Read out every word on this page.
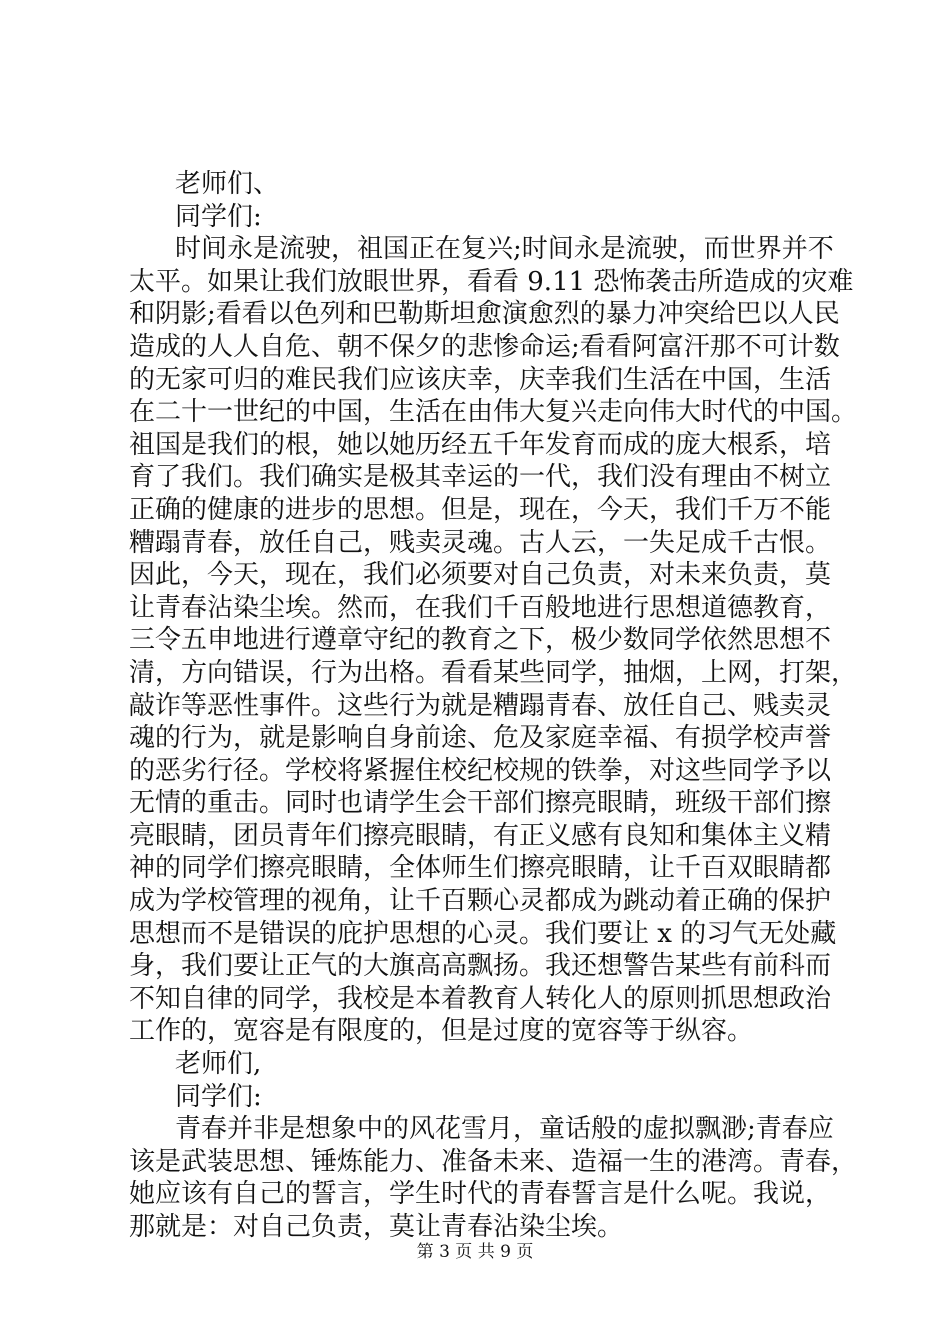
老师们、

同学们:

时间永是流驶，祖国正在复兴;时间永是流驶，而世界并不

太平。如果让我们放眼世界，看看 9.11 恐怖袭击所造成的灾难

和阴影;看看以色列和巴勒斯坦愈演愈烈的暴力冲突给巴以人民

造成的人人自危、朝不保夕的悲惨命运;看看阿富汗那不可计数

的无家可归的难民我们应该庆幸，庆幸我们生活在中国，生活

在二十一世纪的中国，生活在由伟大复兴走向伟大时代的中国。

祖国是我们的根，她以她历经五千年发育而成的庞大根系，培

育了我们。我们确实是极其幸运的一代，我们没有理由不树立

正确的健康的进步的思想。但是，现在，今天，我们千万不能

糟蹋青春，放任自己，贱卖灵魂。古人云，一失足成千古恨。

因此，今天，现在，我们必须要对自己负责，对未来负责，莫

让青春沾染尘埃。然而，在我们千百般地进行思想道德教育，

三令五申地进行遵章守纪的教育之下，极少数同学依然思想不

清，方向错误，行为出格。看看某些同学，抽烟，上网，打架，

敲诈等恶性事件。这些行为就是糟蹋青春、放任自己、贱卖灵

魂的行为，就是影响自身前途、危及家庭幸福、有损学校声誉

的恶劣行径。学校将紧握住校纪校规的铁拳，对这些同学予以

无情的重击。同时也请学生会干部们擦亮眼睛，班级干部们擦

亮眼睛，团员青年们擦亮眼睛，有正义感有良知和集体主义精

神的同学们擦亮眼睛，全体师生们擦亮眼睛，让千百双眼睛都

成为学校管理的视角，让千百颗心灵都成为跳动着正确的保护

思想而不是错误的庇护思想的心灵。我们要让 x 的习气无处藏

身，我们要让正气的大旗高高飘扬。我还想警告某些有前科而

不知自律的同学，我校是本着教育人转化人的原则抓思想政治

工作的，宽容是有限度的，但是过度的宽容等于纵容。

老师们,

同学们:

青春并非是想象中的风花雪月，童话般的虚拟飘渺;青春应

该是武装思想、锤炼能力、准备未来、造福一生的港湾。青春，

她应该有自己的誓言，学生时代的青春誓言是什么呢。我说，

那就是：对自己负责，莫让青春沾染尘埃。

第 3 页 共 9 页
